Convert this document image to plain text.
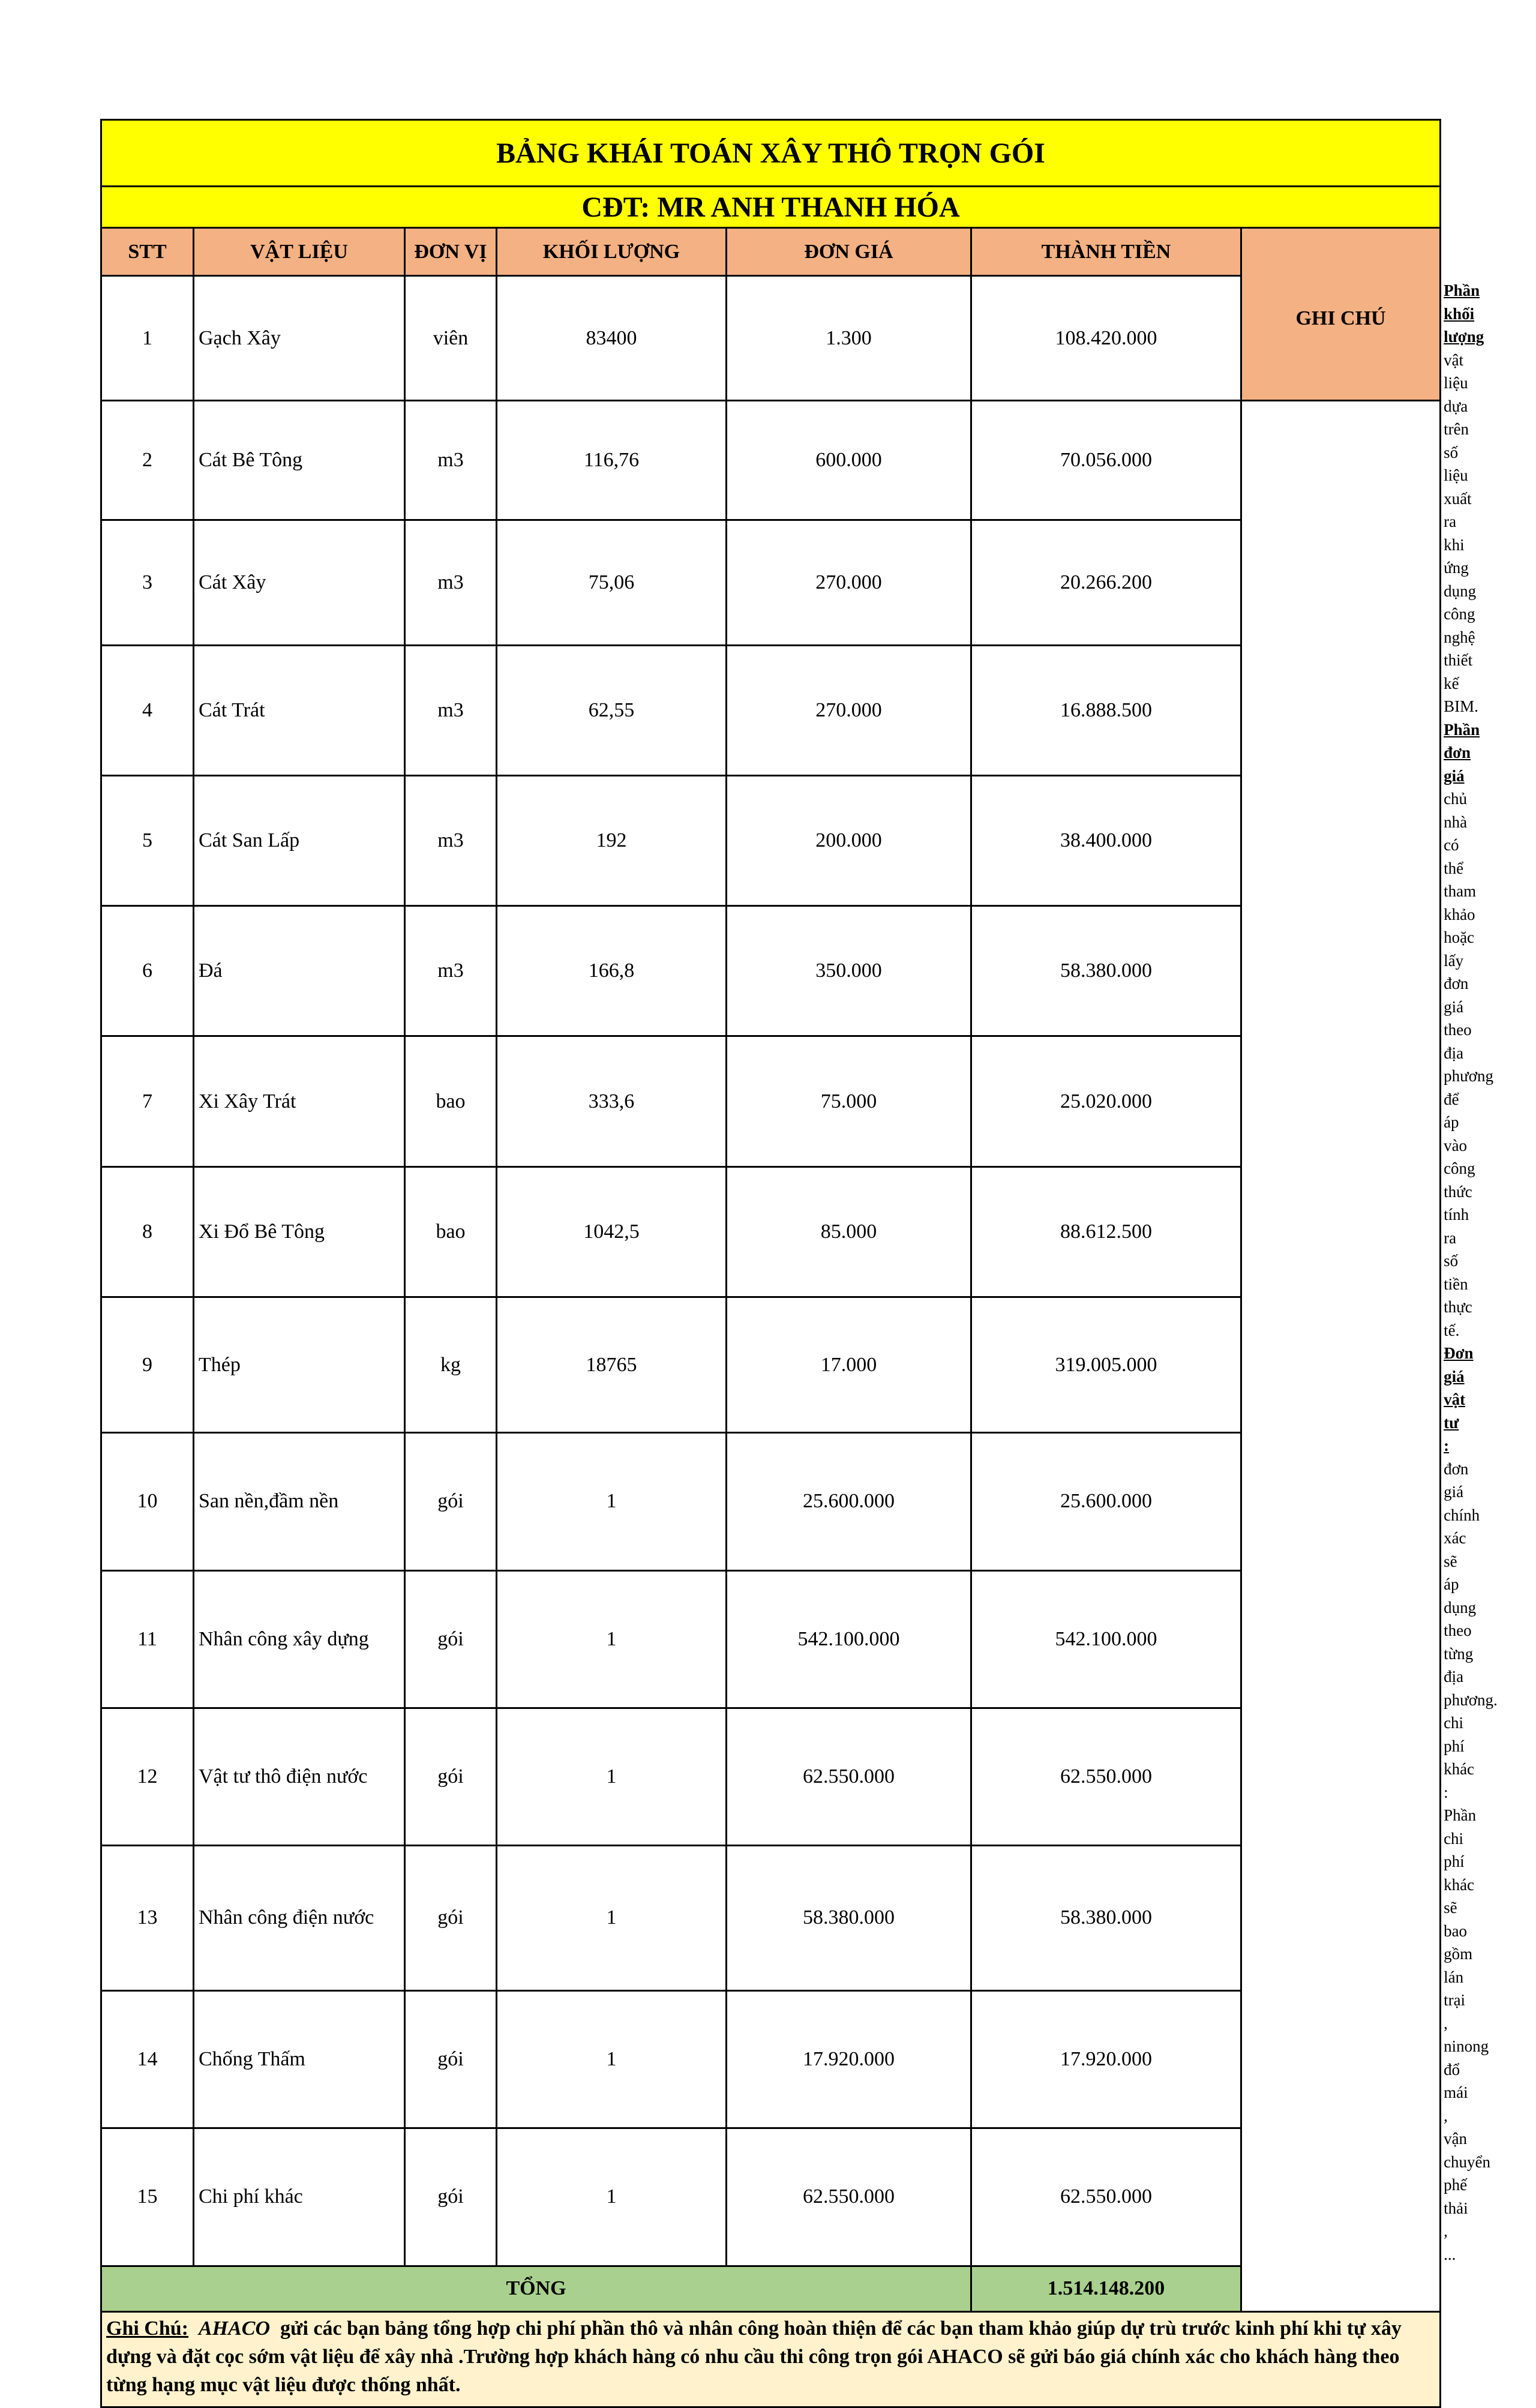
BẢNG KHÁI TOÁN XÂY THÔ TRỌN GÓI							
CĐT: MR ANH THANH HÓA							
STT	VẬT LIỆU	ĐƠN VỊ	KHỐI LƯỢNG	ĐƠN GIÁ	THÀNH TIỀN	GHI CHÚ	
1	Gạch Xây	viên	83400	1.300	108.420.000		Phần khối lượng vật liệu dựa trên số liệu xuất ra khi ứng dụng công nghệ thiết kế BIM.

Phần đơn giá chủ nhà có thể tham khảo hoặc lấy đơn giá theo địa phương để áp vào công thức tính ra số tiền thực tế.

Đơn giá vật tư : đơn giá chính xác sẽ áp dụng theo từng địa phương.

chi phí khác : Phần chi phí khác sẽ bao gồm lán trại , ninong đổ mái , vận chuyển phế thải , ...

2	Cát Bê Tông	m3	116,76	600.000	70.056.000		
3	Cát Xây	m3	75,06	270.000	20.266.200		
4	Cát Trát	m3	62,55	270.000	16.888.500		
5	Cát San Lấp	m3	192	200.000	38.400.000		
6	Đá	m3	166,8	350.000	58.380.000		
7	Xi Xây Trát	bao	333,6	75.000	25.020.000		
8	Xi Đổ Bê Tông	bao	1042,5	85.000	88.612.500		
9	Thép	kg	18765	17.000	319.005.000		
10	San nền,đầm nền	gói	1	25.600.000	25.600.000		
11	Nhân công xây dựng	gói	1	542.100.000	542.100.000		
12	Vật tư thô điện nước	gói	1	62.550.000	62.550.000		
13	Nhân công điện nước	gói	1	58.380.000	58.380.000		
14	Chống Thấm	gói	1	17.920.000	17.920.000		
15	Chi phí khác	gói	1	62.550.000	62.550.000		
TỔNG					1.514.148.200		
Ghi Chú: AHACO gửi các bạn bảng tổng hợp chi phí phần thô và nhân công hoàn thiện để các bạn tham khảo giúp dự trù trước kinh phí khi tự xây dựng và đặt cọc sớm vật liệu để xây nhà .Trường hợp khách hàng có nhu cầu thi công trọn gói AHACO sẽ gửi báo giá chính xác cho khách hàng theo từng hạng mục vật liệu được thống nhất.							
